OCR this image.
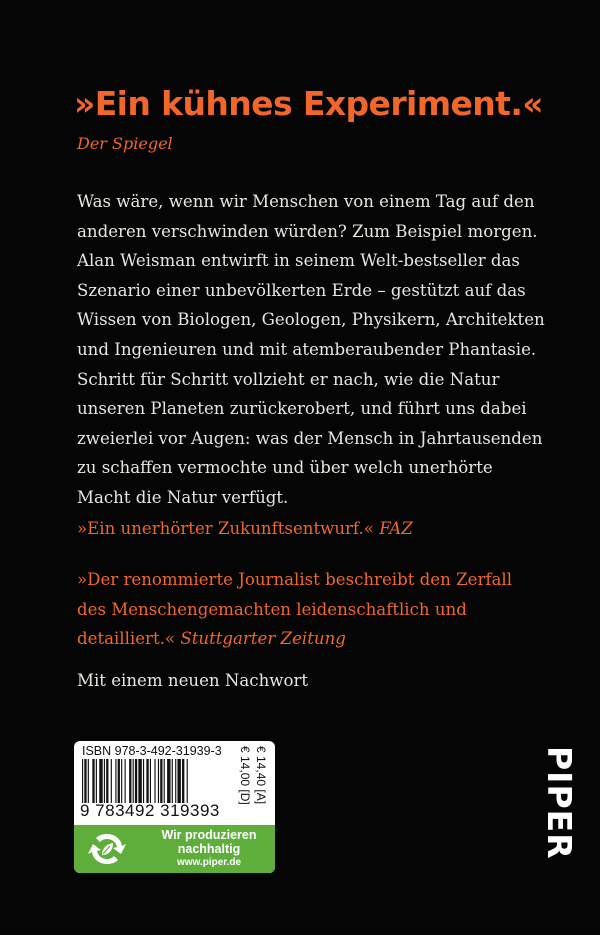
»Ein kühnes Experiment.«
Der Spiegel

Was wäre, wenn wir Menschen von einem Tag auf den anderen verschwinden würden? Zum Beispiel morgen. Alan Weisman entwirft in seinem Welt-bestseller das Szenario einer unbevölkerten Erde – gestützt auf das Wissen von Biologen, Geologen, Physikern, Architekten und Ingenieuren und mit atemberaubender Phantasie. Schritt für Schritt vollzieht er nach, wie die Natur unseren Planeten zurückerobert, und führt uns dabei zweierlei vor Augen: was der Mensch in Jahrtausenden zu schaffen vermochte und über welch unerhörte Macht die Natur verfügt.

»Ein unerhörter Zukunftsentwurf.« FAZ

»Der renommierte Journalist beschreibt den Zerfall des Menschengemachten leidenschaftlich und detailliert.« Stuttgarter Zeitung

Mit einem neuen Nachwort
ISBN 978-3-492-31939-3
9 783492 319393
€ 14,00 [D] € 14,40 [A]
Wir produzieren
nachhaltig
www.piper.de
PIPER
